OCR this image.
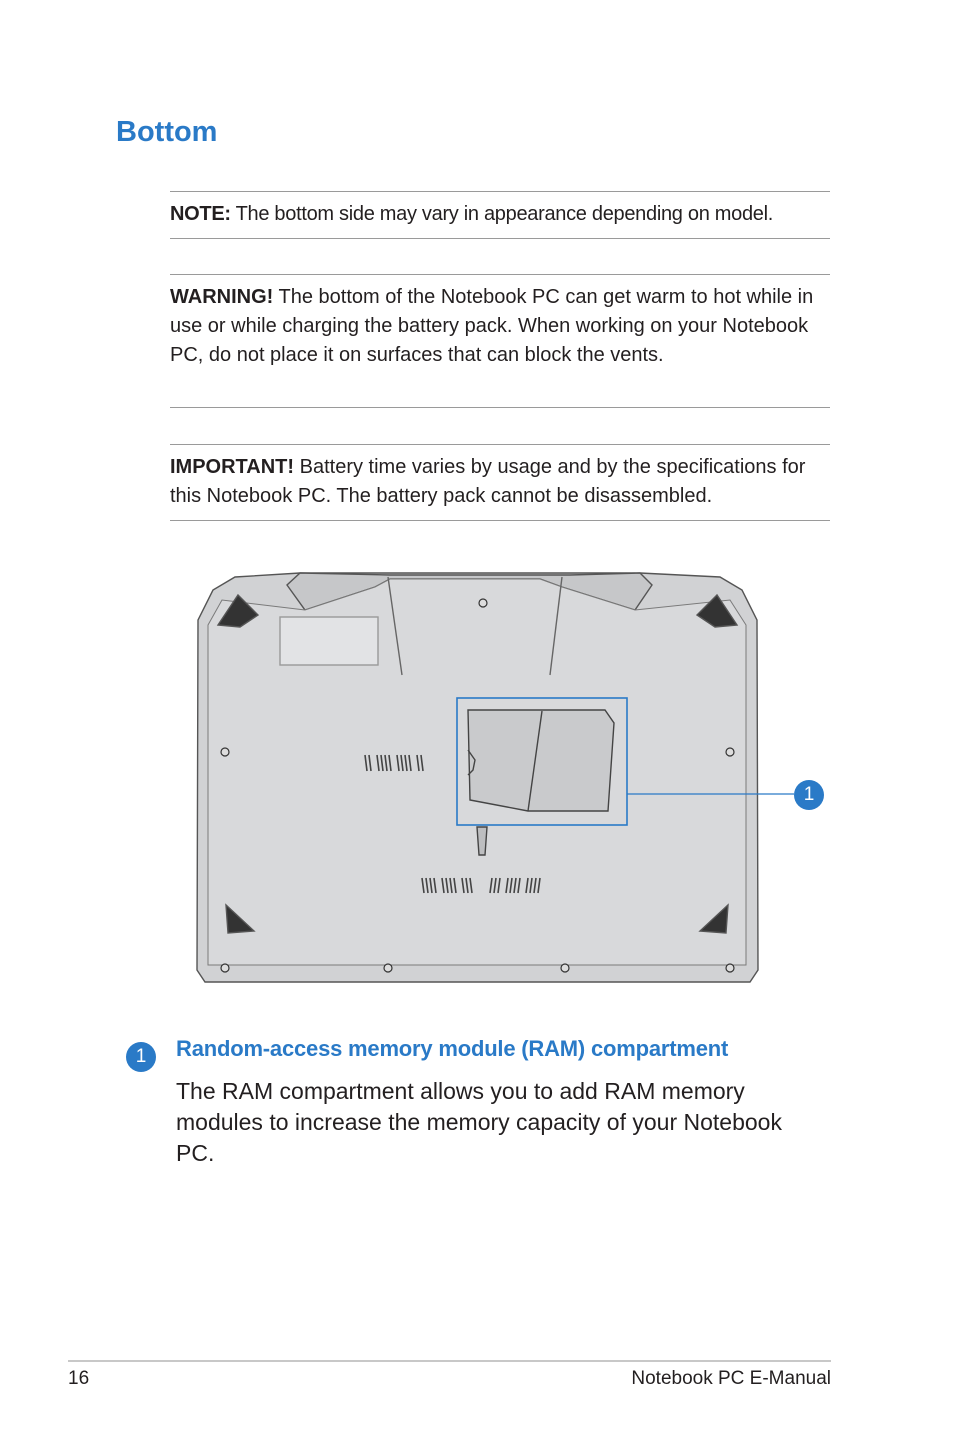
Bottom
NOTE: The bottom side may vary in appearance depending on model.
WARNING! The bottom of the Notebook PC can get warm to hot while in use or while charging the battery pack. When working on your Notebook PC, do not place it on surfaces that can block the vents.
IMPORTANT! Battery time varies by usage and by the specifications for this Notebook PC. The battery pack cannot be disassembled.
1
1	Random-access memory module (RAM) compartment

The RAM compartment allows you to add RAM memory modules to increase the memory capacity of your Notebook PC.

16	Notebook PC E-Manual
